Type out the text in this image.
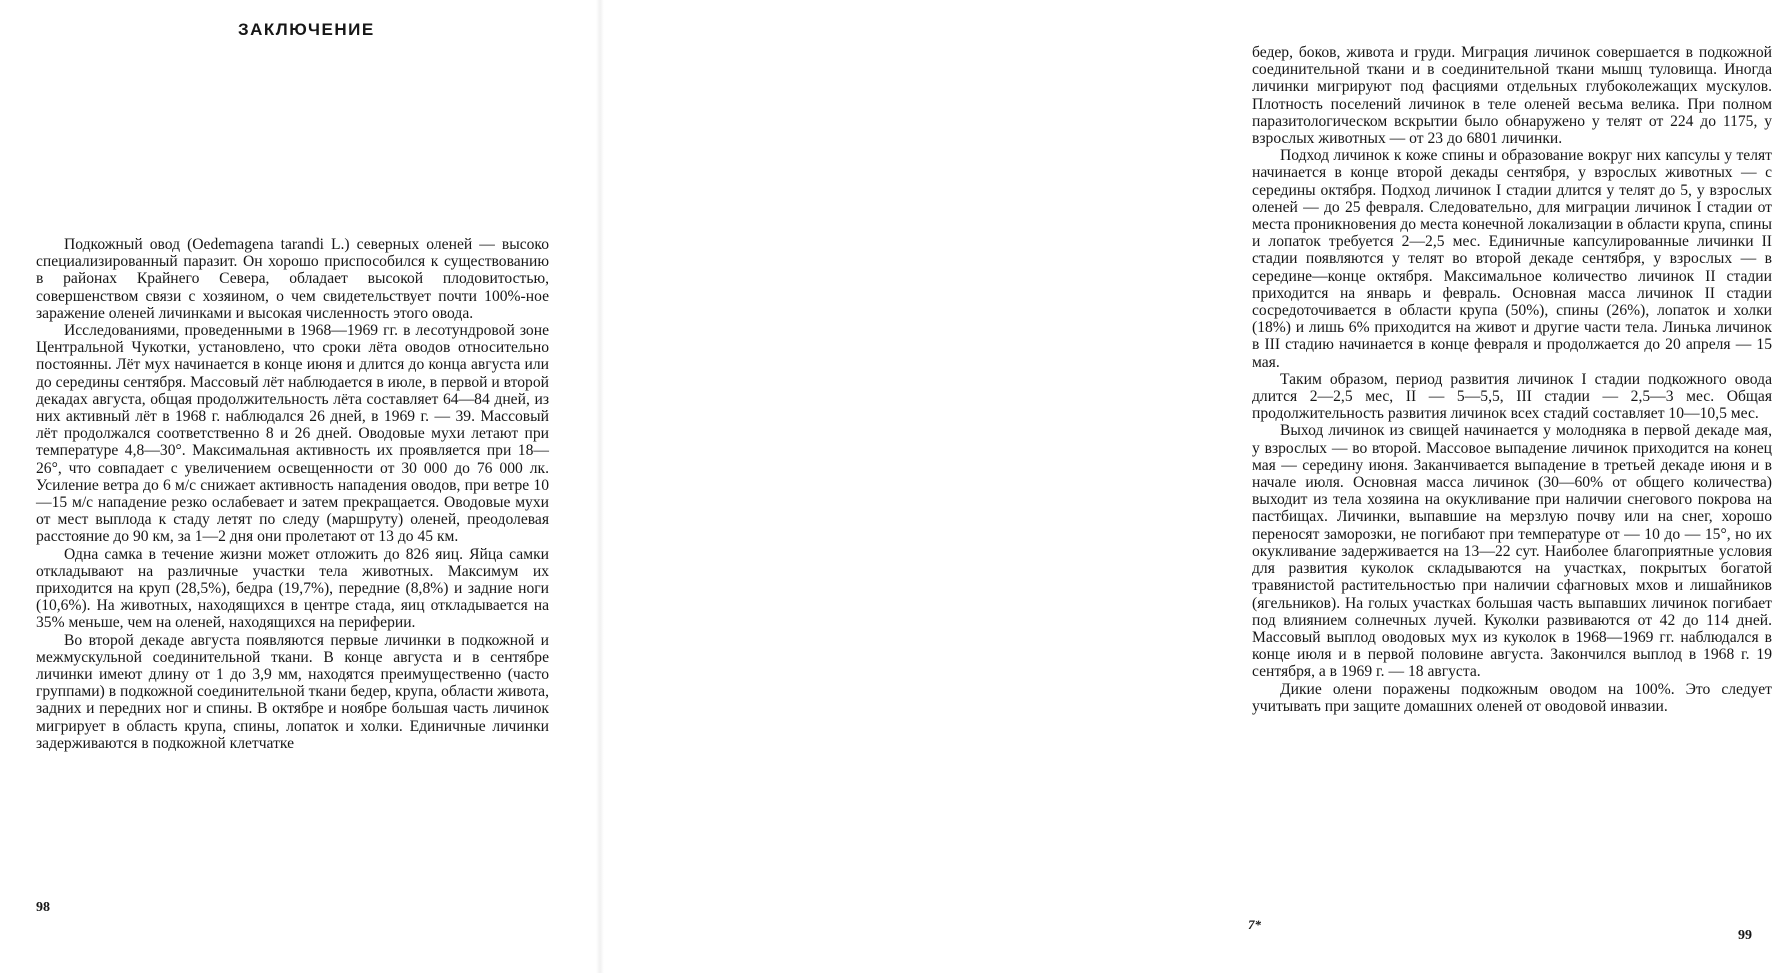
ЗАКЛЮЧЕНИЕ

Подкожный овод (Oedemagena tarandi L.) северных оленей — высоко специализированный паразит. Он хорошо приспособился к существованию в районах Крайнего Севера, обладает высокой плодовитостью, совершенством связи с хозяином, о чем свидетельствует почти 100%-ное заражение оленей личинками и высокая численность этого овода.

Исследованиями, проведенными в 1968—1969 гг. в лесотундровой зоне Центральной Чукотки, установлено, что сроки лёта оводов относительно постоянны. Лёт мух начинается в конце июня и длится до конца августа или до середины сентября. Массовый лёт наблюдается в июле, в первой и второй декадах августа, общая продолжительность лёта составляет 64—84 дней, из них активный лёт в 1968 г. наблюдался 26 дней, в 1969 г. — 39. Массовый лёт продолжался соответственно 8 и 26 дней. Оводовые мухи летают при температуре 4,8—30°. Максимальная активность их проявляется при 18—26°, что совпадает с увеличением освещенности от 30 000 до 76 000 лк. Усиление ветра до 6 м/с снижает активность нападения оводов, при ветре 10—15 м/с нападение резко ослабевает и затем прекращается. Оводовые мухи от мест выплода к стаду летят по следу (маршруту) оленей, преодолевая расстояние до 90 км, за 1—2 дня они пролетают от 13 до 45 км.

Одна самка в течение жизни может отложить до 826 яиц. Яйца самки откладывают на различные участки тела животных. Максимум их приходится на круп (28,5%), бедра (19,7%), передние (8,8%) и задние ноги (10,6%). На животных, находящихся в центре стада, яиц откладывается на 35% меньше, чем на оленей, находящихся на периферии.

Во второй декаде августа появляются первые личинки в подкожной и межмускульной соединительной ткани. В конце августа и в сентябре личинки имеют длину от 1 до 3,9 мм, находятся преимущественно (часто группами) в подкожной соединительной ткани бедер, крупа, области живота, задних и передних ног и спины. В октябре и ноябре большая часть личинок мигрирует в область крупа, спины, лопаток и холки. Единичные личинки задерживаются в подкожной клетчатке

98

бедер, боков, живота и груди. Миграция личинок совершается в подкожной соединительной ткани и в соединительной ткани мышц туловища. Иногда личинки мигрируют под фасциями отдельных глубоколежащих мускулов. Плотность поселений личинок в теле оленей весьма велика. При полном паразитологическом вскрытии было обнаружено у телят от 224 до 1175, у взрослых животных — от 23 до 6801 личинки.

Подход личинок к коже спины и образование вокруг них капсулы у телят начинается в конце второй декады сентября, у взрослых животных — с середины октября. Подход личинок I стадии длится у телят до 5, у взрослых оленей — до 25 февраля. Следовательно, для миграции личинок I стадии от места проникновения до места конечной локализации в области крупа, спины и лопаток требуется 2—2,5 мес. Единичные капсулированные личинки II стадии появляются у телят во второй декаде сентября, у взрослых — в середине—конце октября. Максимальное количество личинок II стадии приходится на январь и февраль. Основная масса личинок II стадии сосредоточивается в области крупа (50%), спины (26%), лопаток и холки (18%) и лишь 6% приходится на живот и другие части тела. Линька личинок в III стадию начинается в конце февраля и продолжается до 20 апреля — 15 мая.

Таким образом, период развития личинок I стадии подкожного овода длится 2—2,5 мес, II — 5—5,5, III стадии — 2,5—3 мес. Общая продолжительность развития личинок всех стадий составляет 10—10,5 мес.

Выход личинок из свищей начинается у молодняка в первой декаде мая, у взрослых — во второй. Массовое выпадение личинок приходится на конец мая — середину июня. Заканчивается выпадение в третьей декаде июня и в начале июля. Основная масса личинок (30—60% от общего количества) выходит из тела хозяина на окукливание при наличии снегового покрова на пастбищах. Личинки, выпавшие на мерзлую почву или на снег, хорошо переносят заморозки, не погибают при температуре от — 10 до — 15°, но их окукливание задерживается на 13—22 сут. Наиболее благоприятные условия для развития куколок складываются на участках, покрытых богатой травянистой растительностью при наличии сфагновых мхов и лишайников (ягельников). На голых участках большая часть выпавших личинок погибает под влиянием солнечных лучей. Куколки развиваются от 42 до 114 дней. Массовый выплод оводовых мух из куколок в 1968—1969 гг. наблюдался в конце июля и в первой половине августа. Закончился выплод в 1968 г. 19 сентября, а в 1969 г. — 18 августа.

Дикие олени поражены подкожным оводом на 100%. Это следует учитывать при защите домашних оленей от оводовой инвазии.

7*
99
